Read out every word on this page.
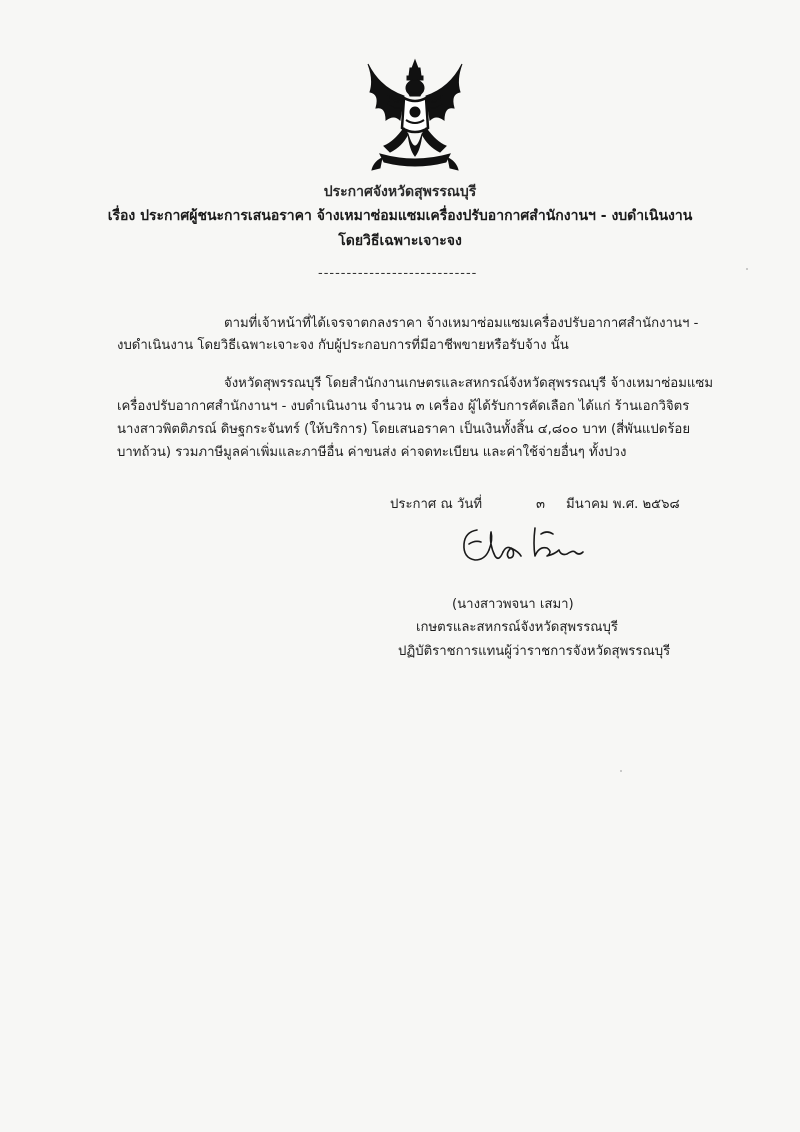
ประกาศจังหวัดสุพรรณบุรี
เรื่อง ประกาศผู้ชนะการเสนอราคา จ้างเหมาซ่อมแซมเครื่องปรับอากาศสำนักงานฯ - งบดำเนินงาน
โดยวิธีเฉพาะเจาะจง
----------------------------
ตามที่เจ้าหน้าที่ได้เจรจาตกลงราคา จ้างเหมาซ่อมแซมเครื่องปรับอากาศสำนักงานฯ -
งบดำเนินงาน โดยวิธีเฉพาะเจาะจง กับผู้ประกอบการที่มีอาชีพขายหรือรับจ้าง นั้น
จังหวัดสุพรรณบุรี โดยสำนักงานเกษตรและสหกรณ์จังหวัดสุพรรณบุรี จ้างเหมาซ่อมแซม
เครื่องปรับอากาศสำนักงานฯ - งบดำเนินงาน จำนวน ๓ เครื่อง ผู้ได้รับการคัดเลือก ได้แก่ ร้านเอกวิจิตร
นางสาวพิตติภรณ์ ดิษฐกระจันทร์ (ให้บริการ) โดยเสนอราคา เป็นเงินทั้งสิ้น ๔,๘๐๐ บาท (สี่พันแปดร้อย
บาทถ้วน) รวมภาษีมูลค่าเพิ่มและภาษีอื่น ค่าขนส่ง ค่าจดทะเบียน และค่าใช้จ่ายอื่นๆ ทั้งปวง
ประกาศ ณ วันที่	๓ มีนาคม พ.ศ. ๒๕๖๘
(นางสาวพจนา เสมา)
เกษตรและสหกรณ์จังหวัดสุพรรณบุรี
ปฏิบัติราชการแทนผู้ว่าราชการจังหวัดสุพรรณบุรี
